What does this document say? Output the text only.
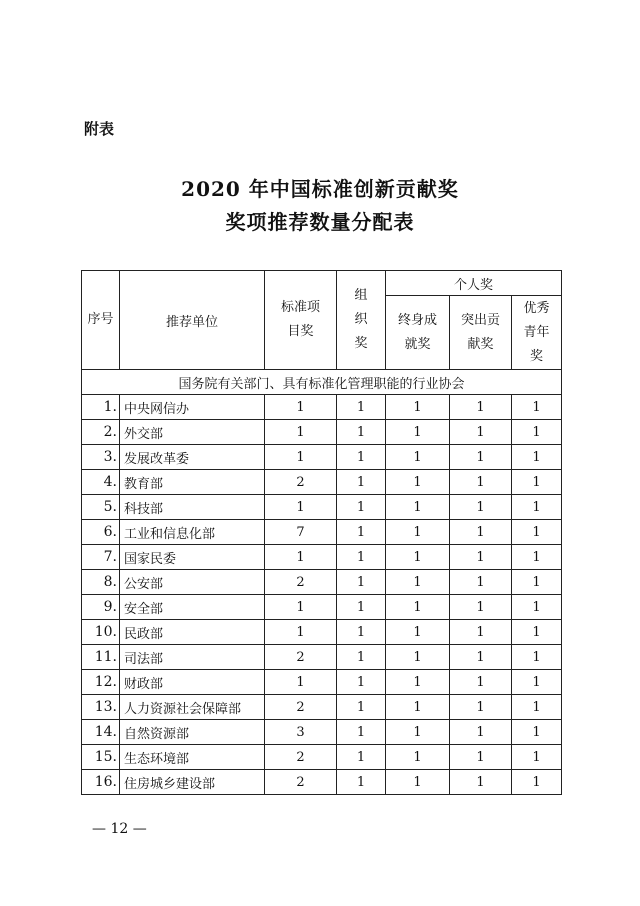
附表
2020 年中国标准创新贡献奖
奖项推荐数量分配表
序号	推荐单位	标准项目奖	组织奖	个人奖		
				终身成就奖	突出贡献奖	优秀青年奖
国务院有关部门、具有标准化管理职能的行业协会						
1.	中央网信办	1	1	1	1	1
2.	外交部	1	1	1	1	1
3.	发展改革委	1	1	1	1	1
4.	教育部	2	1	1	1	1
5.	科技部	1	1	1	1	1
6.	工业和信息化部	7	1	1	1	1
7.	国家民委	1	1	1	1	1
8.	公安部	2	1	1	1	1
9.	安全部	1	1	1	1	1
10.	民政部	1	1	1	1	1
11.	司法部	2	1	1	1	1
12.	财政部	1	1	1	1	1
13.	人力资源社会保障部	2	1	1	1	1
14.	自然资源部	3	1	1	1	1
15.	生态环境部	2	1	1	1	1
16.	住房城乡建设部	2	1	1	1	1
— 12 —
